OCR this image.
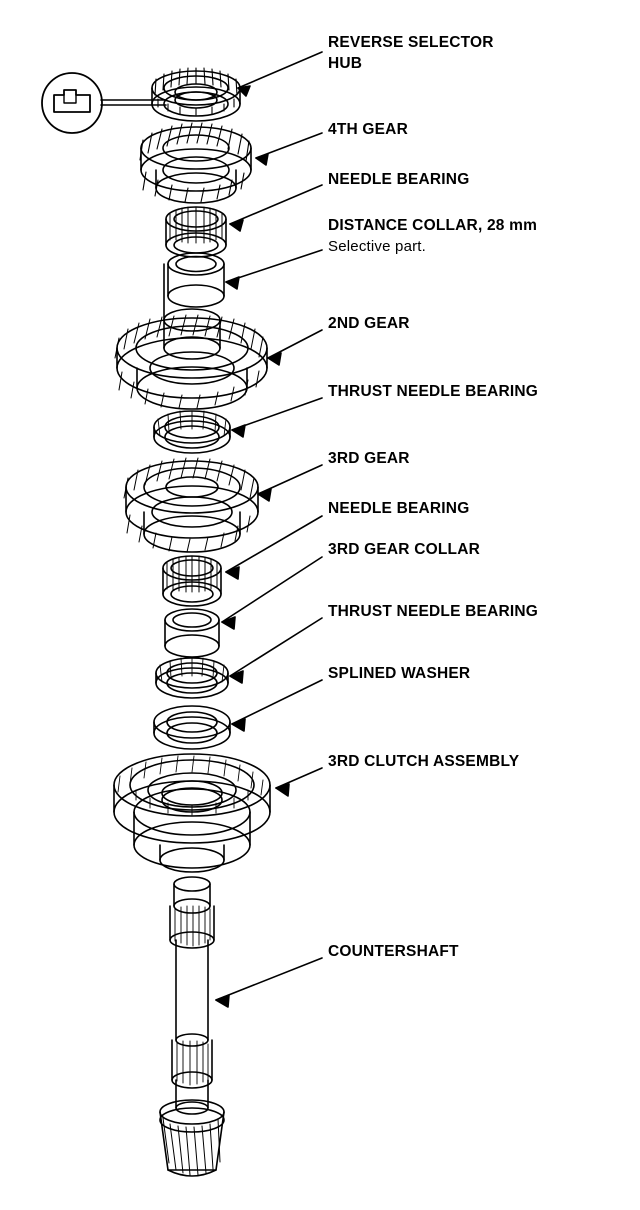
REVERSE SELECTOR
HUB
4TH GEAR
NEEDLE BEARING
DISTANCE COLLAR, 28 mm
Selective part.
2ND GEAR
THRUST NEEDLE BEARING
3RD GEAR
NEEDLE BEARING
3RD GEAR COLLAR
THRUST NEEDLE BEARING
SPLINED WASHER
3RD CLUTCH ASSEMBLY
COUNTERSHAFT
